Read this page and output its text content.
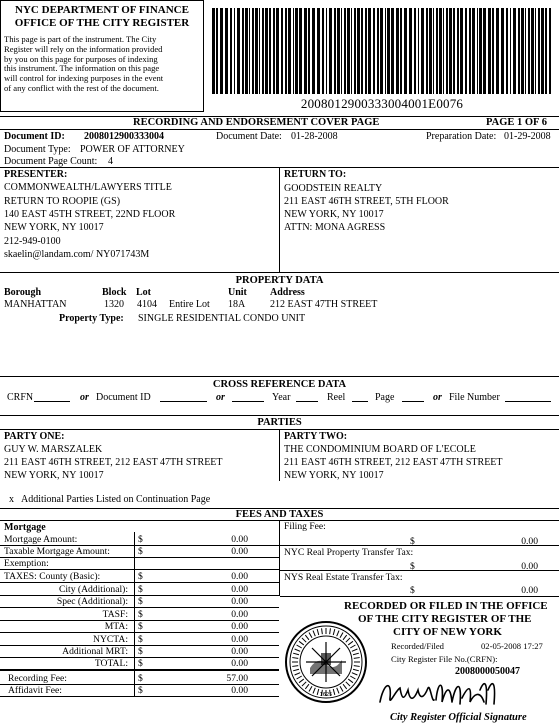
NYC DEPARTMENT OF FINANCE
OFFICE OF THE CITY REGISTER
This page is part of the instrument. The City
Register will rely on the information provided
by you on this page for purposes of indexing
this instrument. The information on this page
will control for indexing purposes in the event
of any conflict with the rest of the document.
2008012900333004001E0076
RECORDING AND ENDORSEMENT COVER PAGE	PAGE 1 OF 6
Document ID: 2008012900333004	Document Date: 01-28-2008	Preparation Date: 01-29-2008
Document Type: POWER OF ATTORNEY
Document Page Count: 4
PRESENTER:
COMMONWEALTH/LAWYERS TITLE
RETURN TO ROOPIE (GS)
140 EAST 45TH STREET, 22ND FLOOR
NEW YORK, NY 10017
212-949-0100
skaelin@landam.com/ NY071743M
RETURN TO:
GOODSTEIN REALTY
211 EAST 46TH STREET, 5TH FLOOR
NEW YORK, NY 10017
ATTN: MONA AGRESS
PROPERTY DATA
Borough	Block Lot	Unit Address
MANHATTAN	1320 4104 Entire Lot 18A 212 EAST 47TH STREET
Property Type: SINGLE RESIDENTIAL CONDO UNIT
CROSS REFERENCE DATA
CRFN	or Document ID	or	Year	Reel	Page	or File Number
PARTIES
PARTY ONE:
GUY W. MARSZALEK
211 EAST 46TH STREET, 212 EAST 47TH STREET
NEW YORK, NY 10017
PARTY TWO:
THE CONDOMINIUM BOARD OF L'ECOLE
211 EAST 46TH STREET, 212 EAST 47TH STREET
NEW YORK, NY 10017
x Additional Parties Listed on Continuation Page
FEES AND TAXES
Mortgage
Mortgage Amount:	$	0.00
Taxable Mortgage Amount:	$	0.00
Exemption:
TAXES: County (Basic):	$	0.00
City (Additional): $	0.00
Spec (Additional): $	0.00
TASF: $	0.00
MTA: $	0.00
NYCTA: $	0.00
Additional MRT: $	0.00
TOTAL: $	0.00
Recording Fee:	$	57.00
Affidavit Fee:	$	0.00
Filing Fee:
$	0.00
NYC Real Property Transfer Tax:
$	0.00
NYS Real Estate Transfer Tax:
$	0.00
RECORDED OR FILED IN THE OFFICE
OF THE CITY REGISTER OF THE
CITY OF NEW YORK
Recorded/Filed	02-05-2008 17:27
City Register File No.(CRFN):
2008000050047
1625
City Register Official Signature
